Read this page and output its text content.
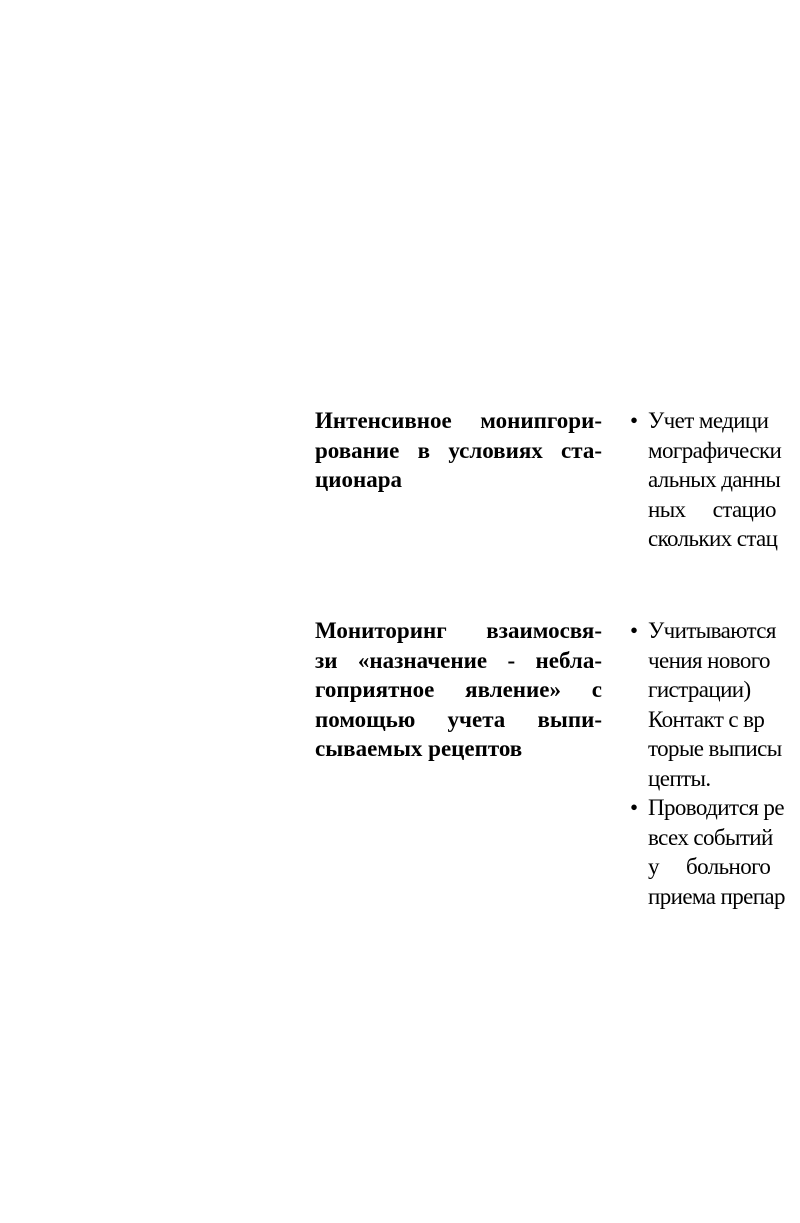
Интенсивное монипгори-
рование в условиях ста-
ционара
• Учет медици
мографически
альных данны
ных стацио
скольких стац
Мониторинг взаимосвя-
зи «назначение - небла-
гоприятное явление» с
помощью учета выпи-
сываемых рецептов
• Учитываются
чения нового
гистрации)
Контакт с вр
торые выписы
цепты.
• Проводится ре
всех событий
у больного
приема препар
